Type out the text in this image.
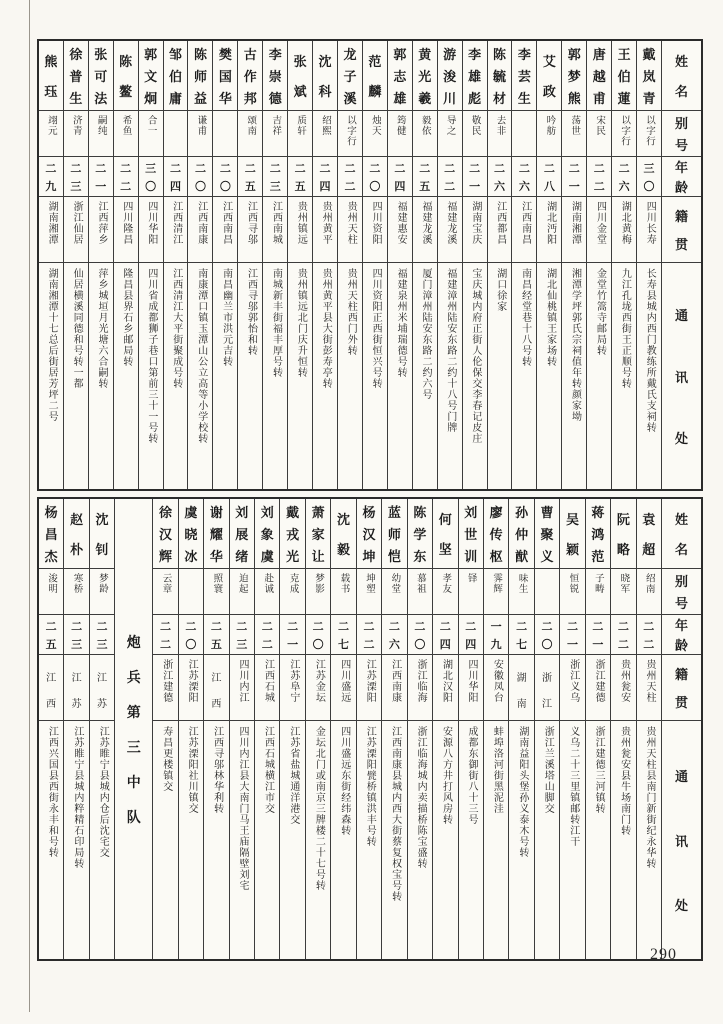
姓
名
别
号
年
龄
籍
贯
通
讯
处
戴
岚
青
以字行
三
〇
四川长寿
长寿县城内西门教练所戴氏支祠转
王
伯
蓮
以字行
二
六
湖北黄梅
九江孔垅西街王正顺号转
唐
越
甫
宋民
二
二
四川金堂
金堂竹篙寺邮局转
郭
梦
熊
荡世
二
一
湖南湘潭
湘潭学坪郭氏宗祠值年转颜家坳
艾
政
吟舫
二
八
湖北沔阳
湖北仙桃镇王家场转
李
芸
生
二
六
江西南昌
南昌经堂巷十八号转
陈
毓
材
去非
二
六
江西都昌
湖口徐家
李
雄
彪
敬民
二
一
湖南宝庆
宝庆城内府正街人伦保交李春记皮庄
游
浚
川
导之
二
二
福建龙溪
福建漳州陆安东路二约十八号门牌
黄
光
羲
毅依
二
五
福建龙溪
厦门漳州陆安东路二约六号
郭
志
雄
筠健
二
四
福建惠安
福建泉州米埔瑞德号转
范
麟
烛天
二
〇
四川资阳
四川资阳正西街恒兴号转
龙
子
溪
以字行
二
二
贵州天柱
贵州天柱西门外转
沈
科
绍熙
二
四
贵州黄平
贵州黄平县大街彭寿亭转
张
斌
质轩
二
五
贵州镇远
贵州镇远北门庆升恒转
李
崇
德
吉祥
二
三
江西南城
南城新丰街福丰厚号转
古
作
邦
颂南
二
五
江西寻邬
江西寻邬郭怡和转
樊
国
华
二
〇
江西南昌
南昌幽兰市洪元吉转
陈
师
益
谦甫
二
〇
江西南康
南康潭口镇玉潭山公立高等小学校转
邹
伯
庸
二
四
江西清江
江西清江大平街聚成号转
郭
文
炯
合一
三
〇
四川华阳
四川省成都狮子巷口第前三十一号转
陈
鳌
希鱼
二
二
四川隆昌
隆昌县界石乡邮局转
张
可
法
嗣纯
二
一
江西萍乡
萍乡城垣月光塘六合嗣转
徐
普
生
济青
二
三
浙江仙居
仙居横溪同德和号转一都
熊
珏
翊元
二
九
湖南湘潭
湖南湘潭十七总后街居芳坪二号
姓
名
别
号
年
龄
籍
贯
通
讯
处
袁
超
绍南
二
二
贵州天柱
贵州天柱县南门新街纪永华转
阮
略
晓军
二
二
贵州瓮安
贵州瓮安县牛场南门转
蒋
鸿
范
子畴
二
一
浙江建德
浙江建德三河镇转
吴
颖
恒锐
二
一
浙江义乌
义乌二十三里镇邮转江干
曹
聚
义
二
〇
浙
江
浙江兰溪塔山脚交
孙
仲
猷
味生
二
七
湖
南
湖南益阳头堡孙义泰木号转
廖
传
枢
霁辉
一
九
安徽凤台
蚌埠洛河街黑泥洼
刘
世
训
铎
二
四
四川华阳
成都东御街八十三号
何
坚
孝友
二
四
湖北汉阳
安源八方井打风房转
陈
学
东
慕祖
二
〇
浙江临海
浙江临海城内卖描桥陈宝盛转
蓝
师
恺
幼堂
二
六
江西南康
江西南康县城内西大街蔡复权宝号转
杨
汉
坤
坤塑
二
二
江苏溧阳
江苏溧阳甓桥镇洪丰号转
沈
毅
载书
二
七
四川盛远
四川盛远东街经纬森转
萧
家
让
梦影
二
〇
江苏金坛
金坛北门或南京三牌楼二十七号转
戴
戎
光
克成
二
一
江苏阜宁
江苏省盐城通洋港交
刘
象
虞
赴诚
二
二
江西石城
江西石城横江市交
刘
展
绪
迫起
二
三
四川内江
四川内江县大南门马王庙隔壁刘宅
谢
耀
华
照寰
二
五
江
西
江西寻邬林华利转
虞
晓
冰
二
〇
江苏溧阳
江苏溧阳社川镇交
徐
汉
辉
云章
二
二
浙江建德
寿昌更楼镇交
炮
兵
第
三
中
队
沈
钊
梦龄
二
三
江
苏
江苏睢宁县城内仓后沈宅交
赵
朴
寒桥
二
三
江
苏
江苏睢宁县城内粹精石印局转
杨
昌
杰
浚明
二
五
江
西
江西兴国县西街永丰和号转
290
